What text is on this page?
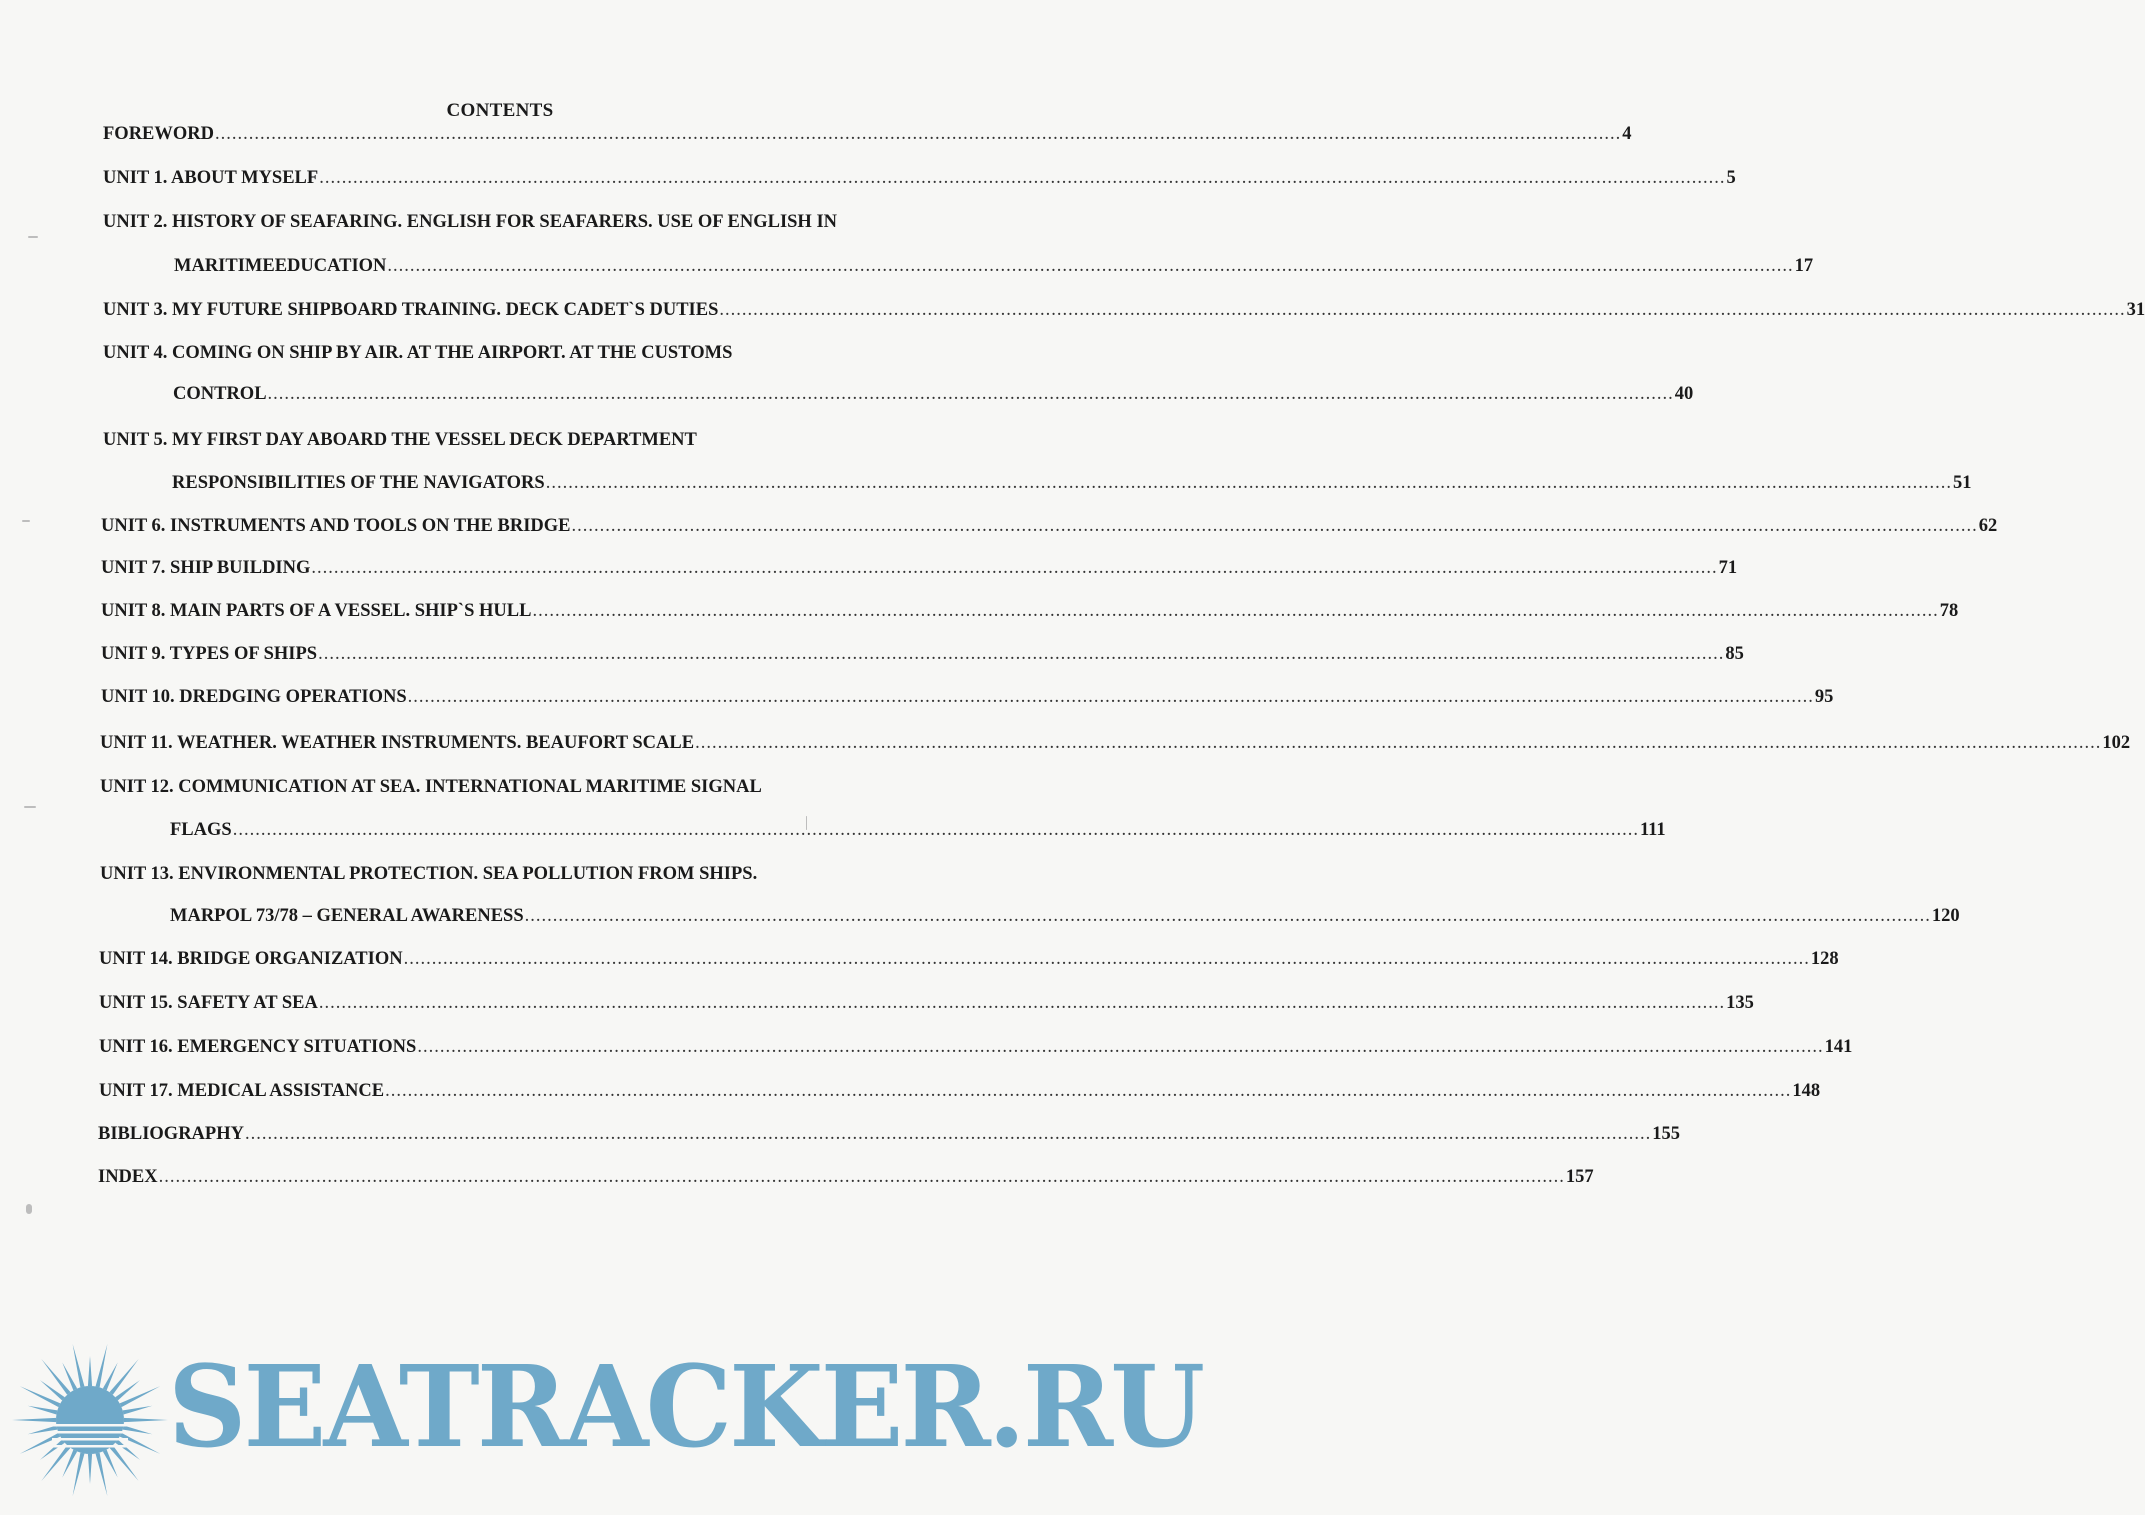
CONTENTS
FOREWORD .....	4
UNIT 1. ABOUT MYSELF .....	5
UNIT 2. HISTORY OF SEAFARING. ENGLISH FOR SEAFARERS. USE OF ENGLISH IN
MARITIMEEDUCATION .....	17
UNIT 3. MY FUTURE SHIPBOARD TRAINING. DECK CADET`S DUTIES .....	31
UNIT 4. COMING ON SHIP BY AIR. AT THE AIRPORT. AT THE CUSTOMS
CONTROL .....	40
UNIT 5. MY FIRST DAY ABOARD THE VESSEL DECK DEPARTMENT
RESPONSIBILITIES OF THE NAVIGATORS .....	51
UNIT 6. INSTRUMENTS AND TOOLS ON THE BRIDGE .....	62
UNIT 7. SHIP BUILDING .....	71
UNIT 8. MAIN PARTS OF A VESSEL. SHIP`S HULL .....	78
UNIT 9. TYPES OF SHIPS .....	85
UNIT 10. DREDGING OPERATIONS .....	95
UNIT 11. WEATHER. WEATHER INSTRUMENTS. BEAUFORT SCALE .....	102
UNIT 12. COMMUNICATION AT SEA. INTERNATIONAL MARITIME SIGNAL
FLAGS .....	111
UNIT 13. ENVIRONMENTAL PROTECTION. SEA POLLUTION FROM SHIPS.
MARPOL 73/78 – GENERAL AWARENESS .....	120
UNIT 14. BRIDGE ORGANIZATION .....	128
UNIT 15. SAFETY AT SEA .....	135
UNIT 16. EMERGENCY SITUATIONS .....	141
UNIT 17. MEDICAL ASSISTANCE .....	148
BIBLIOGRAPHY .....	155
INDEX .....	157
SEATRACKER.RU
